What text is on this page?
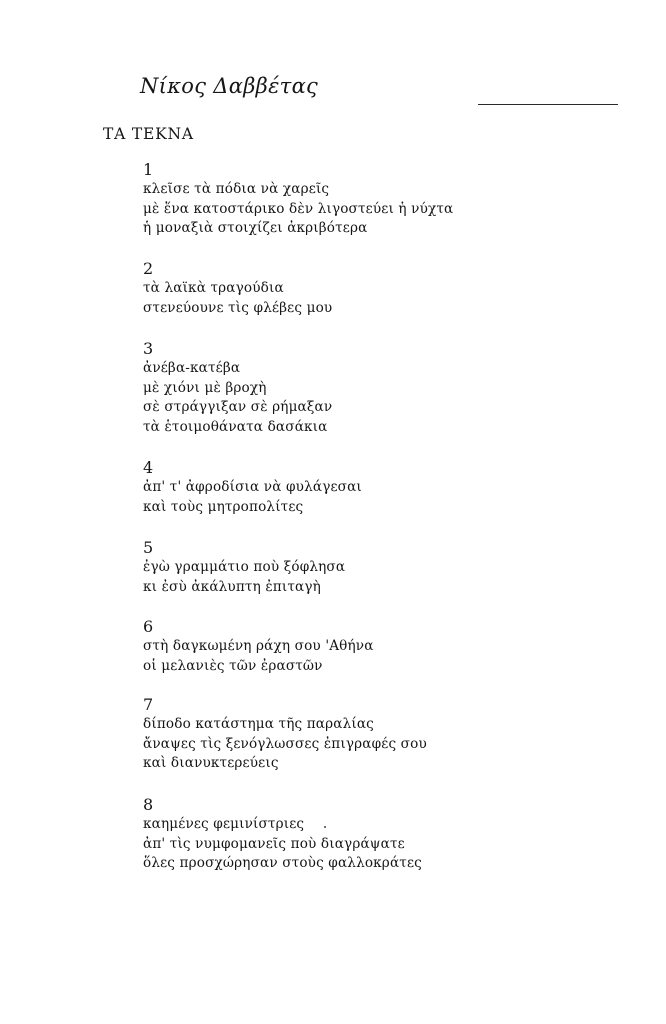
Νίκος Δαββέτας
ΤΑ ΤΕΚΝΑ
1
κλεῖσε τὰ πόδια νὰ χαρεῖς
μὲ ἕνα κατοστάρικο δὲν λιγοστεύει ἡ νύχτα
ἡ μοναξιὰ στοιχίζει ἀκριβότερα
2
τὰ λαϊκὰ τραγούδια
στενεύουνε τὶς φλέβες μου
3
ἀνέβα-κατέβα
μὲ χιόνι μὲ βροχὴ
σὲ στράγγιξαν σὲ ρήμαξαν
τὰ ἑτοιμοθάνατα δασάκια
4
ἀπ' τ' ἀφροδίσια νὰ φυλάγεσαι
καὶ τοὺς μητροπολίτες
5
ἐγὼ γραμμάτιο ποὺ ξόφλησα
κι ἐσὺ ἀκάλυπτη ἐπιταγὴ
6
στὴ δαγκωμένη ράχη σου 'Αθήνα
οἱ μελανιὲς τῶν ἐραστῶν
7
δίποδο κατάστημα τῆς παραλίας
ἄναψες τὶς ξενόγλωσσες ἐπιγραφές σου
καὶ διανυκτερεύεις
8
καημένες φεμινίστριες
ἀπ' τὶς νυμφομανεῖς ποὺ διαγράψατε
ὅλες προσχώρησαν στοὺς φαλλοκράτες
